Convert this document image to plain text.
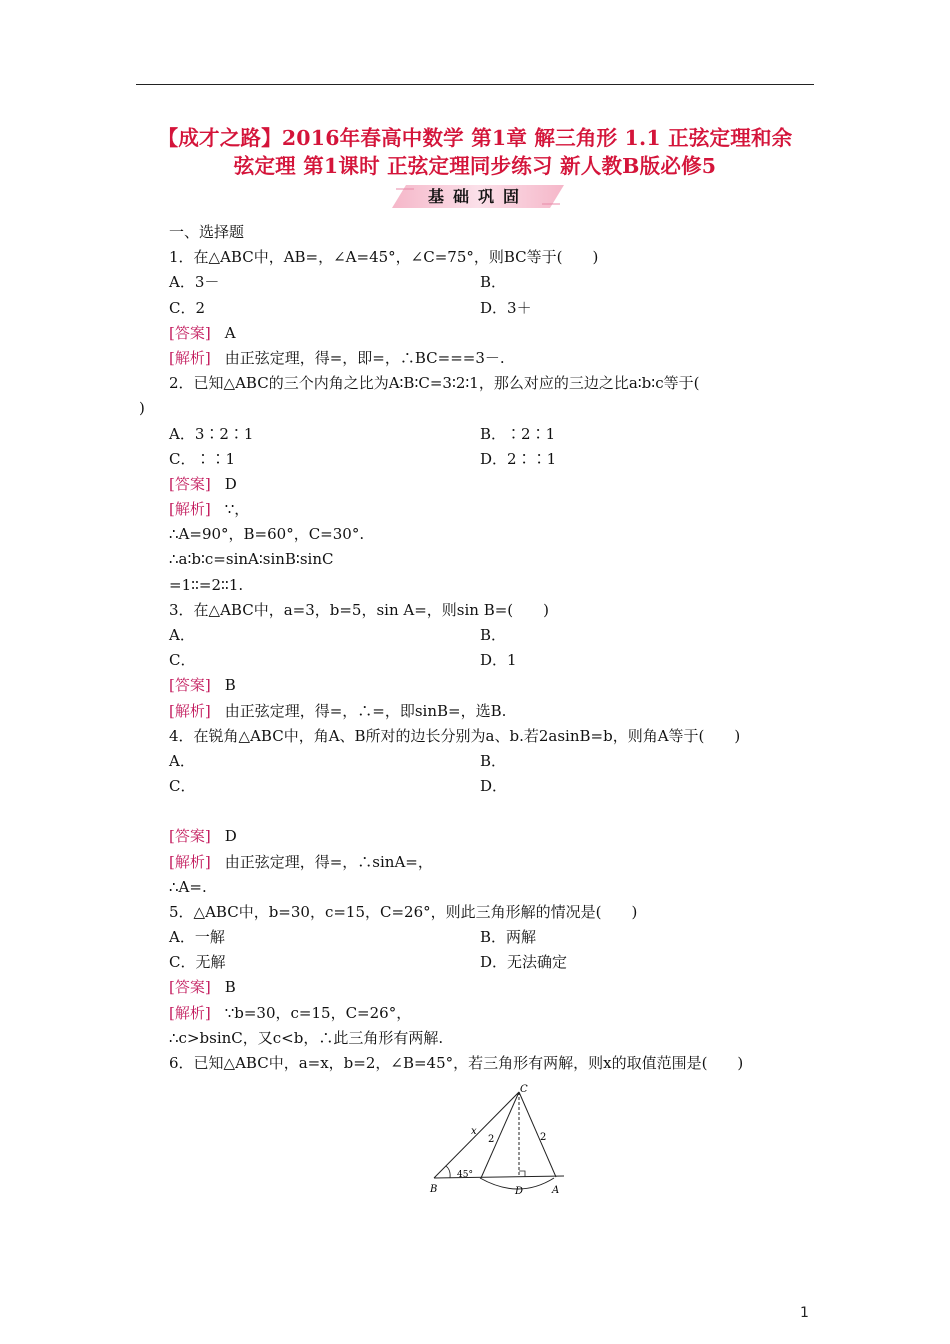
【成才之路】2016年春高中数学 第1章 解三角形 1.1 正弦定理和余
弦定理 第1课时 正弦定理同步练习 新人教B版必修5
基础巩固
一、选择题
1．在△ABC中，AB=，∠A=45°，∠C=75°，则BC等于(　　)
A．3－	B．
C．2	D．3＋
[答案] A
[解析] 由正弦定理，得=，即=，∴BC===3－.
2．已知△ABC的三个内角之比为A∶B∶C=3∶2∶1，那么对应的三边之比a∶b∶c等于(
)
A．3∶2∶1	B．∶2∶1
C．∶∶1	D．2∶∶1
[答案] D
[解析] ∵，
∴A=90°，B=60°，C=30°.
∴a∶b∶c=sinA∶sinB∶sinC
=1∶∶=2∶∶1.
3．在△ABC中，a=3，b=5，sin A=，则sin B=(　　)
A．	B．
C．	D．1
[答案] B
[解析] 由正弦定理，得=，∴=，即sinB=，选B.
4．在锐角△ABC中，角A、B所对的边长分别为a、b.若2asinB=b，则角A等于(　　)
A．	B．
C．	D．
[答案] D
[解析] 由正弦定理，得=，∴sinA=，
∴A=.
5．△ABC中，b=30，c=15，C=26°，则此三角形解的情况是(　　)
A．一解	B．两解
C．无解	D．无法确定
[答案] B
[解析] ∵b=30，c=15，C=26°，
∴c>bsinC，又c<b，∴此三角形有两解.
6．已知△ABC中，a=x，b=2，∠B=45°，若三角形有两解，则x的取值范围是(　　)
C
B	D	A
x
2	2
45°
1
